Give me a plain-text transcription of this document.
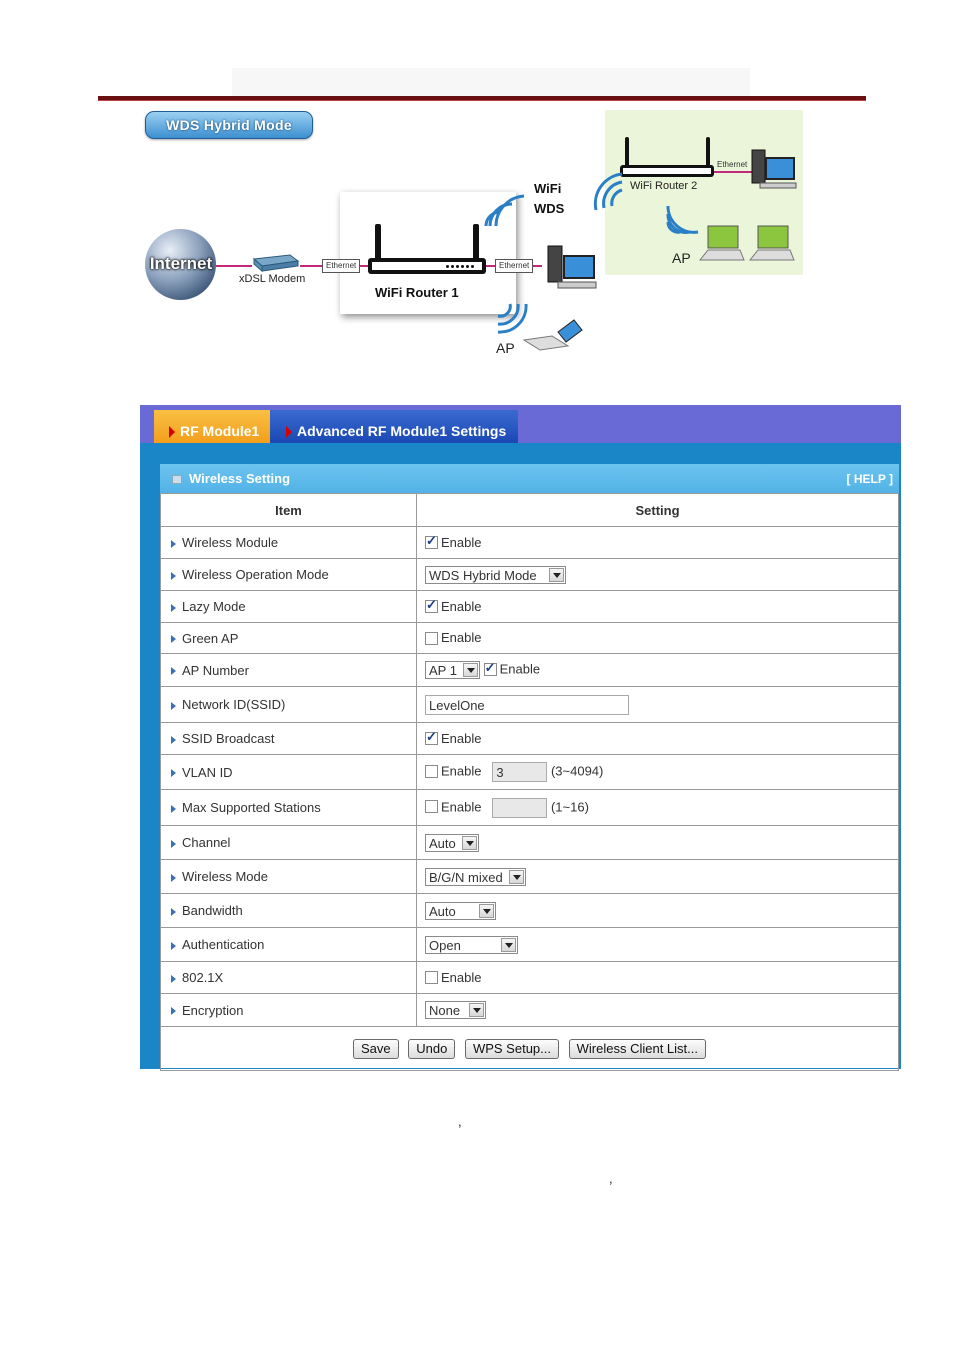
WDS Hybrid Mode
Internet
xDSL Modem
Ethernet	Ethernet
Ethernet
WiFi Router 1
WiFi Router 2
WiFi
WDS
AP
AP
RF Module1	Advanced RF Module1 Settings
Wireless Setting	[ HELP ]
Item	Setting
Wireless Module	✓Enable
Wireless Operation Mode	WDS Hybrid Mode

Lazy Mode	✓Enable
Green AP	Enable
AP Number	AP 1 ✓ Enable
Network ID(SSID)	LevelOne
SSID Broadcast	✓Enable
VLAN ID	Enable 3 (3~4094)
Max Supported Stations	Enable (1~16)
Channel	Auto

Wireless Mode	B/G/N mixed

Bandwidth	Auto

Authentication	Open

802.1X	Enable
Encryption	None

Save Undo WPS Setup... Wireless Client List...	
,
,
